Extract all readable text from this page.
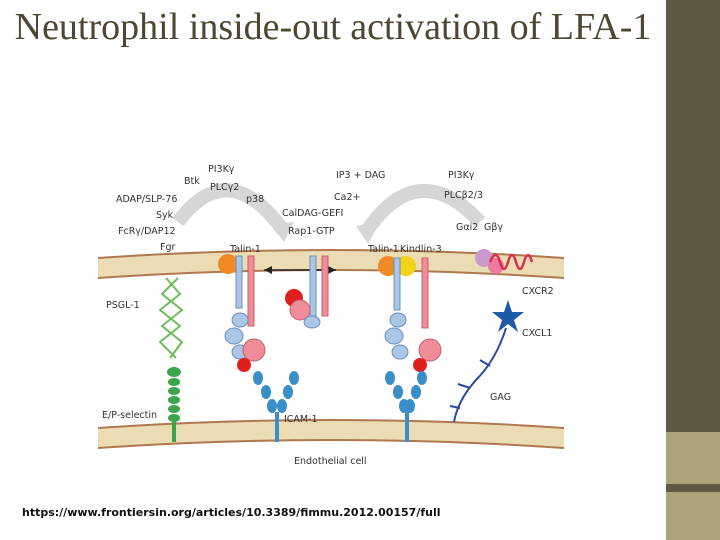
Neutrophil inside-out activation of LFA-1
PI3Kγ
Btk
PLCγ2
ADAP/SLP-76
Syk
FcRγ/DAP12
Fgr
p38
CalDAG-GEFI
Rap1-GTP
Talin-1	Talin-1 Kindlin-3
IP3 + DAG
Ca2+
PI3Kγ
PLCβ2/3
Gαi2 Gβγ
CXCR2
CXCL1
GAG
PSGL-1
E/P-selectin	ICAM-1
Endothelial cell
https://www.frontiersin.org/articles/10.3389/fimmu.2012.00157/full
